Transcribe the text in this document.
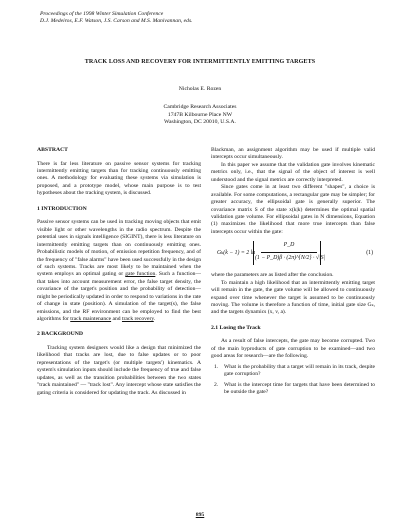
Proceedings of the 1998 Winter Simulation Conference
D.J. Medeiros, E.F. Watson, J.S. Carson and M.S. Manivannan, eds.
TRACK LOSS AND RECOVERY FOR INTERMITTENTLY EMITTING TARGETS
Nicholas E. Rozen
Cambridge Research Associates
1747B Kilbourne Place NW
Washington, DC 20010, U.S.A.

ABSTRACT

There is far less literature on passive sensor systems for tracking intermittently emitting targets than for tracking continuously emitting ones. A methodology for evaluating these systems via simulation is proposed, and a prototype model, whose main purpose is to test hypotheses about the tracking system, is discussed.

1 INTRODUCTION

Passive sensor systems can be used in tracking moving objects that emit visible light or other wavelengths in the radio spectrum. Despite the potential uses in signals intelligence (SIGINT), there is less literature on intermittently emitting targets than on continuously emitting ones. Probabilistic models of motion, of emission repetition frequency, and of the frequency of "false alarms" have been used successfully in the design of such systems. Tracks are most likely to be maintained when the system employs an optimal gating or gate function. Such a function—that takes into account measurement error, the false target density, the covariance of the target's position and the probability of detection—might be periodically updated in order to respond to variations in the rate of change in state (position). A simulation of the target(s), the false emissions, and the RF environment can be employed to find the best algorithms for track maintenance and track recovery.

2 BACKGROUND

Tracking system designers would like a design that minimized the likelihood that tracks are lost, due to false updates or to poor representations of the target's (or multiple targets') kinematics. A system's simulation inputs should include the frequency of true and false updates, as well as the transition probabilities between the two states "track maintained" — "track lost". Any intercept whose state satisfies the gating criteria is considered for updating the track. As discussed in

Blackman, an assignment algorithm may be used if multiple valid intercepts occur simultaneously.

In this paper we assume that the validation gate involves kinematic metrics only, i.e., that the signal of the object of interest is well understood and the signal metrics are correctly interpreted.

Since gates come in at least two different "shapes", a choice is available. For some computations, a rectangular gate may be simpler; for greater accuracy, the ellipsoidal gate is generally superior. The covariance matrix S of the state x(k|k) determines the optimal spatial validation gate volume. For ellipsoidal gates in N dimensions, Equation (1) maximizes the likelihood that more true intercepts than false intercepts occur within the gate:

Gₖ(k − 1) = 2 ln
P_D
(1 − P_D)β · (2π)^{N/2} · √|S|
(1)

where the parameters are as listed after the conclusion.

To maintain a high likelihood that an intermittently emitting target will remain in the gate, the gate volume will be allowed to continuously expand over time whenever the target is assumed to be continuously moving. The volume is therefore a function of time, initial gate size Gₖ, and the targets dynamics (x, v, a).

2.1 Losing the Track

As a result of false intercepts, the gate may become corrupted. Two of the main byproducts of gate corruption to be examined—and two good areas for research—are the following.

1.	What is the probability that a target will remain in its track, despite gate corruption?

2.	What is the intercept time for targets that have been determined to be outside the gate?

895
